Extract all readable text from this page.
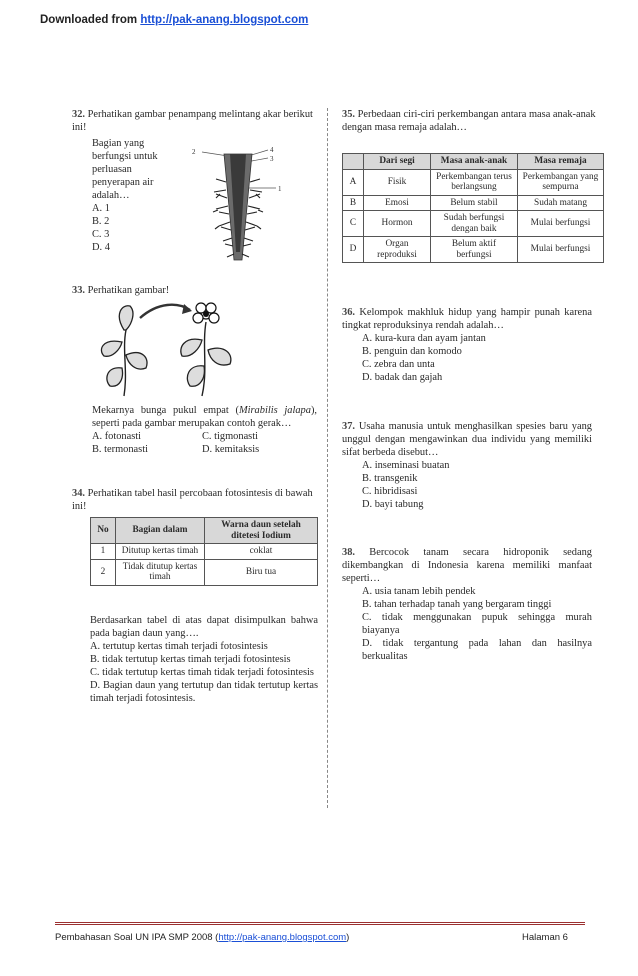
Downloaded from http://pak-anang.blogspot.com
32. Perhatikan gambar penampang melintang akar berikut ini!
Bagian yang
berfungsi untuk
perluasan
penyerapan air
adalah…
A. 1
B. 2
C. 3
D. 4
2	4
3
1
33. Perhatikan gambar!
Mekarnya bunga pukul empat (Mirabilis jalapa), seperti pada gambar merupakan contoh gerak…
A. fotonasti	C. tigmonasti
B. termonasti	D. kemitaksis
34. Perhatikan tabel hasil percobaan fotosintesis di bawah ini!
No	Bagian dalam	Warna daun setelah ditetesi Iodium
1	Ditutup kertas timah	coklat
2	Tidak ditutup kertas timah	Biru tua
Berdasarkan tabel di atas dapat disimpulkan bahwa pada bagian daun yang….
A. tertutup kertas timah terjadi fotosintesis
B. tidak tertutup kertas timah terjadi fotosintesis
C. tidak tertutup kertas timah tidak terjadi fotosintesis
D. Bagian daun yang tertutup dan tidak tertutup kertas timah terjadi fotosintesis.
35. Perbedaan ciri-ciri perkembangan antara masa anak-anak dengan masa remaja adalah…
	Dari segi	Masa anak-anak	Masa remaja
A	Fisik	Perkembangan terus berlangsung	Perkembangan yang sempurna
B	Emosi	Belum stabil	Sudah matang
C	Hormon	Sudah berfungsi dengan baik	Mulai berfungsi
D	Organ reproduksi	Belum aktif berfungsi	Mulai berfungsi
36. Kelompok makhluk hidup yang hampir punah karena tingkat reproduksinya rendah adalah…
A. kura-kura dan ayam jantan
B. penguin dan komodo
C. zebra dan unta
D. badak dan gajah
37. Usaha manusia untuk menghasilkan spesies baru yang unggul dengan mengawinkan dua individu yang memiliki sifat berbeda disebut…
A. inseminasi buatan
B. transgenik
C. hibridisasi
D. bayi tabung
38. Bercocok tanam secara hidroponik sedang dikembangkan di Indonesia karena memiliki manfaat seperti…
A. usia tanam lebih pendek
B. tahan terhadap tanah yang bergaram tinggi
C. tidak menggunakan pupuk sehingga murah biayanya
D. tidak tergantung pada lahan dan hasilnya berkualitas
Pembahasan Soal UN IPA SMP 2008 (http://pak-anang.blogspot.com)	Halaman 6
